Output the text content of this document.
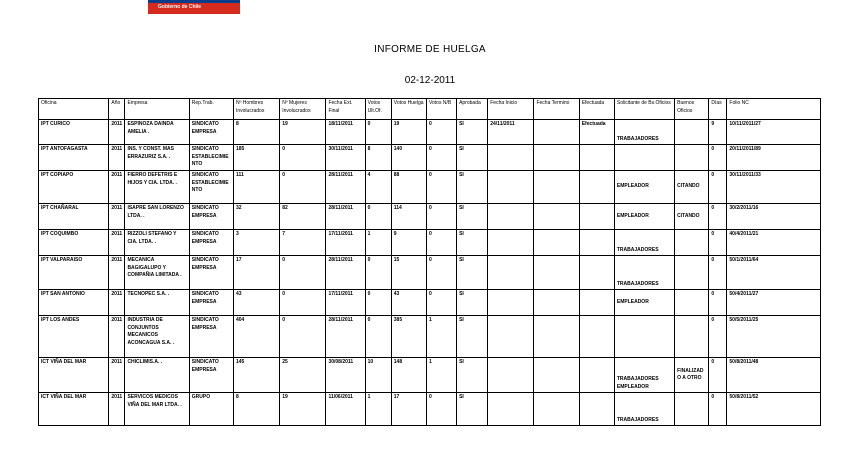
Gobierno de Chile
INFORME DE HUELGA
02-12-2011
Oficina	Año	Empresa	Rep.Trab.	Nº Hombres Involucrados	Nº Mujeres Involucrados	Fecha Ext. Final	Votos Ult.Of.	Votos Huelga	Votos N/B	Aprobada	Fecha Inicio	Fecha Termino	Efectuada	Solicitante de Bs.Oficios	Buenos Oficios	Días	Folio NC
IPT CURICO	2011	ESPINOZA DAINDA AMELIA .	SINDICATO EMPRESA	8	19	18/11/2011	0	19	0	SI	24/11/2011		Efectuada	TRABAJADORES		9	10/11/2011/27
IPT ANTOFAGASTA	2011	INS. Y CONST. MAS ERRAZURIZ S.A. .	SINDICATO ESTABLECIMIENTO	185	0	30/11/2011	8	140	0	SI						0	20/11/2011/89
IPT COPIAPO	2011	FIERRO DEFETRIS E HIJOS Y CIA. LTDA. .	SINDICATO ESTABLECIMIENTO	111	0	28/11/2011	4	88	0	SI				EMPLEADOR	CITANDO	0	30/11/2011/33
IPT CHAÑARAL	2011	ISAPRE SAN LORENZO LTDA. .	SINDICATO EMPRESA	32	82	28/11/2011	0	114	0	SI				EMPLEADOR	CITANDO	0	30/2/2011/16
IPT COQUIMBO	2011	RIZZOLI STEFANO Y CIA. LTDA. .	SINDICATO EMPRESA	3	7	17/11/2011	1	9	0	SI				TRABAJADORES		0	40/4/2011/21
IPT VALPARAISO	2011	MECANICA BAGIGALUPO Y COMPAÑIA LIMITADA .	SINDICATO EMPRESA	17	0	28/11/2011	0	15	0	SI				TRABAJADORES		0	50/1/2011/64
IPT SAN ANTONIO	2011	TECNOPEC S.A. .	SINDICATO EMPRESA	43	0	17/11/2011	0	43	0	SI				EMPLEADOR		0	50/4/2011/27
IPT LOS ANDES	2011	INDUSTRIA DE CONJUNTOS MECANICOS ACONCAGUA S.A. .	SINDICATO EMPRESA	404	0	28/11/2011	0	385	1	SI						0	50/5/2011/25
ICT VIÑA DEL MAR	2011	CHICLIMIS.A. .	SINDICATO EMPRESA	145	25	30/08/2011	10	148	1	SI				TRABAJADORES EMPLEADOR	FINALIZADO A OTRO	0	50/8/2011/48
ICT VIÑA DEL MAR	2011	SERVICOS MEDICOS VIÑA DEL MAR LTDA. .	GRUPO	8	19	11/06/2011	1	17	0	SI				TRABAJADORES		0	50/8/2011/52
